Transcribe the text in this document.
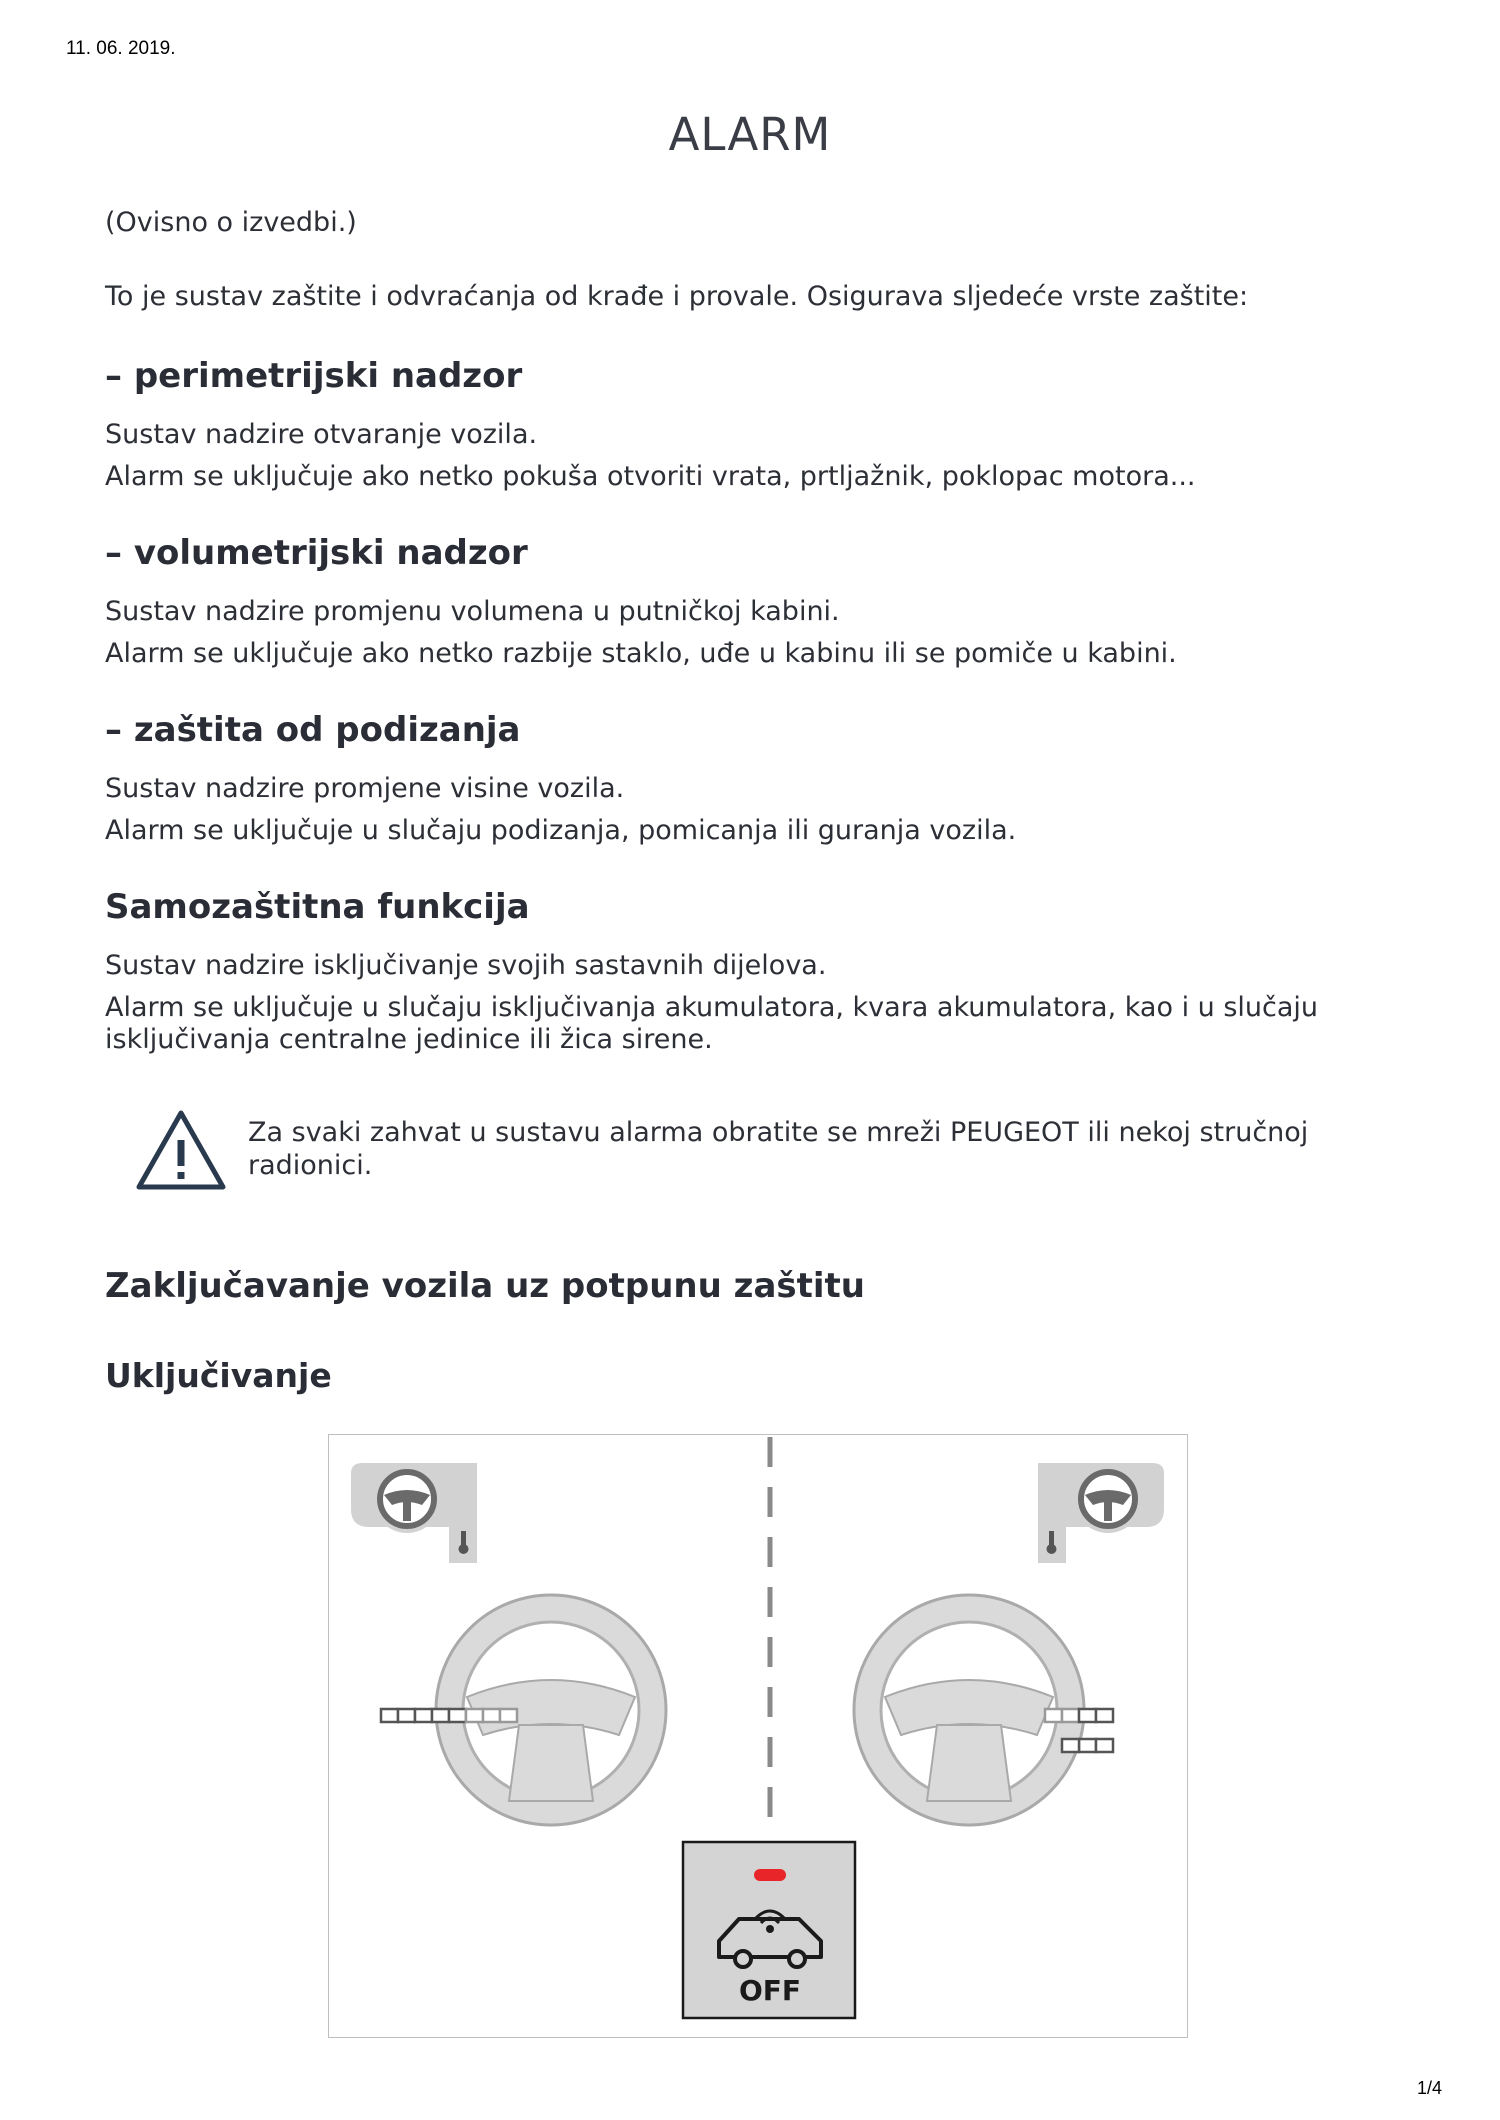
11. 06. 2019.
ALARM

(Ovisno o izvedbi.)

To je sustav zaštite i odvraćanja od krađe i provale. Osigurava sljedeće vrste zaštite:

– perimetrijski nadzor

Sustav nadzire otvaranje vozila.

Alarm se uključuje ako netko pokuša otvoriti vrata, prtljažnik, poklopac motora...

– volumetrijski nadzor

Sustav nadzire promjenu volumena u putničkoj kabini.

Alarm se uključuje ako netko razbije staklo, uđe u kabinu ili se pomiče u kabini.

– zaštita od podizanja

Sustav nadzire promjene visine vozila.

Alarm se uključuje u slučaju podizanja, pomicanja ili guranja vozila.

Samozaštitna funkcija

Sustav nadzire isključivanje svojih sastavnih dijelova.

Alarm se uključuje u slučaju isključivanja akumulatora, kvara akumulatora, kao i u slučaju

isključivanja centralne jedinice ili žica sirene.

Za svaki zahvat u sustavu alarma obratite se mreži PEUGEOT ili nekoj stručnoj
radionici.

Zaključavanje vozila uz potpunu zaštitu
Uključivanje
OFF
1/4
